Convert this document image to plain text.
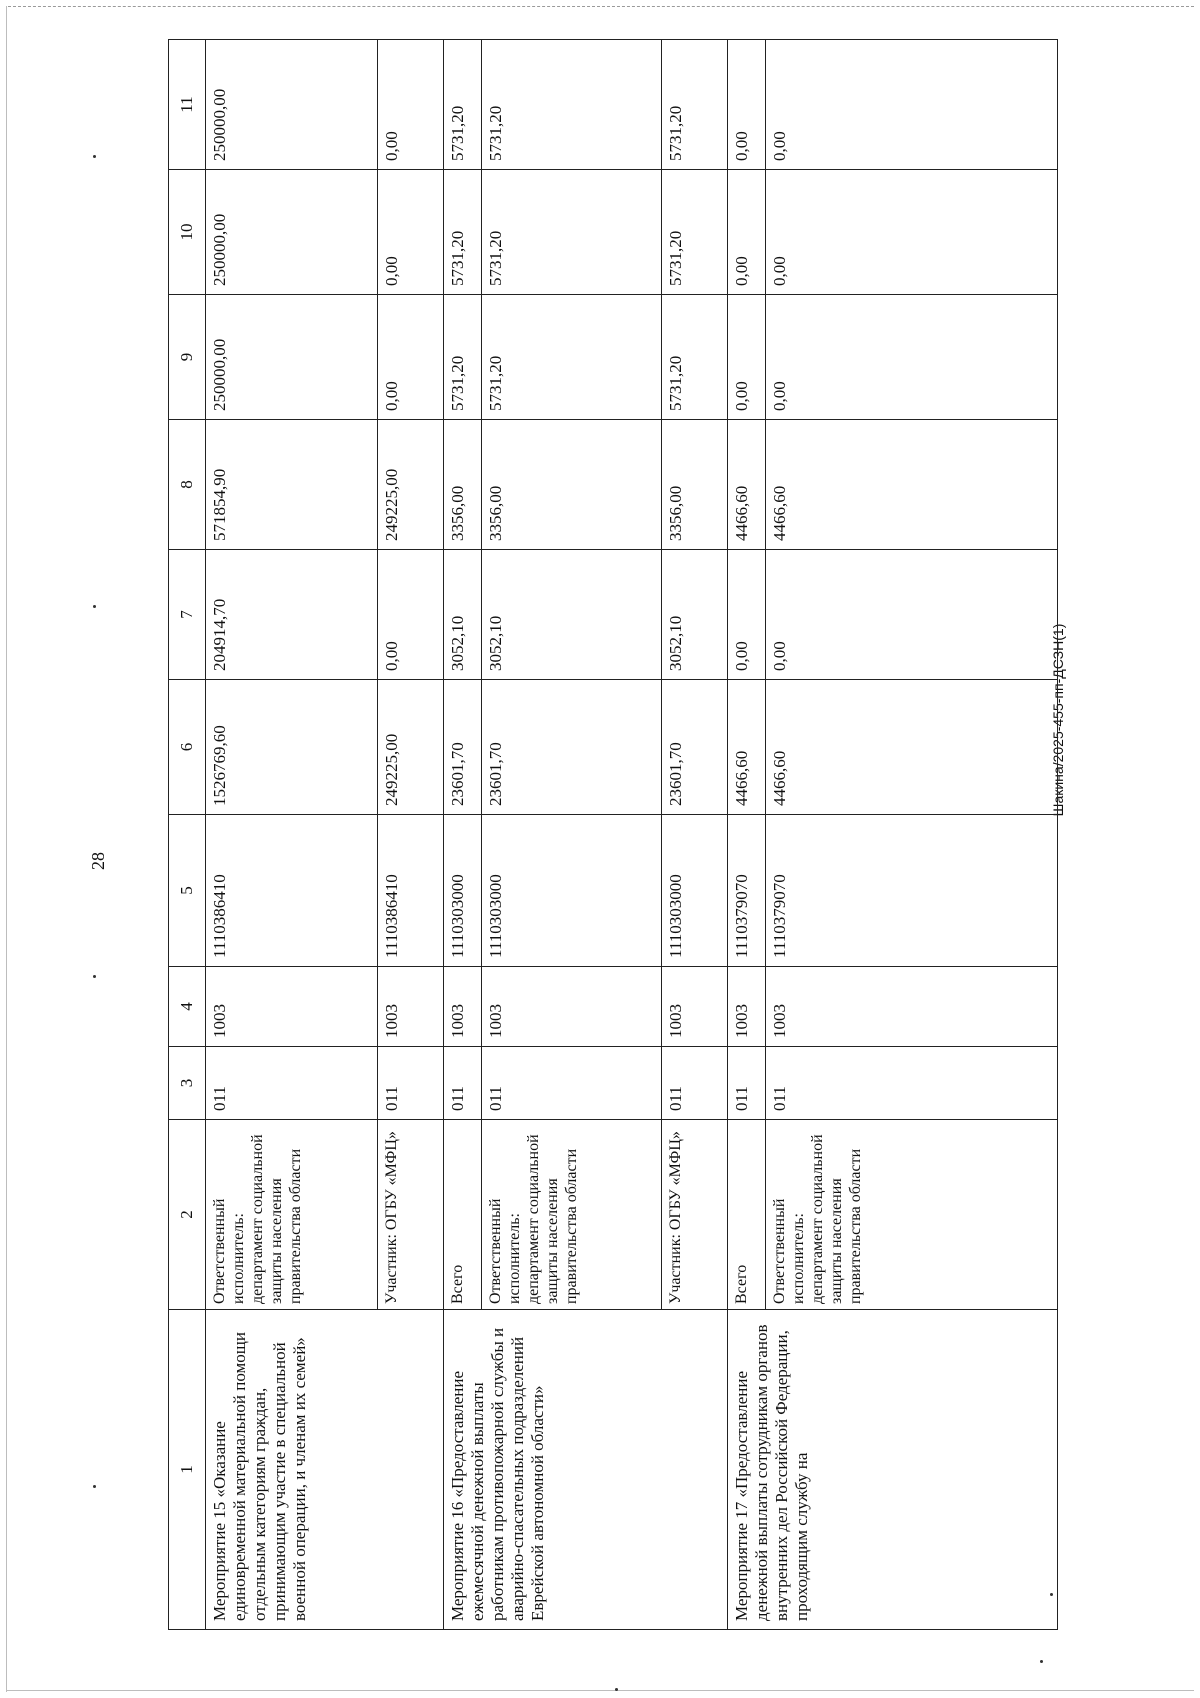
28
Шакина/2025-455-пп-ДСЗН(1)
1	2	3	4	5	6	7	8	9	10	11
Мероприятие 15 «Оказание единовременной материальной помощи отдельным категориям граждан, принимающим участие в специальной военной операции, и членам их семей»	Ответственный исполнитель: департамент социальной защиты населения правительства области	011	1003	1110386410	1526769,60	204914,70	571854,90	250000,00	250000,00	250000,00
	Участник: ОГБУ «МФЦ»	011	1003	1110386410	249225,00	0,00	249225,00	0,00	0,00	0,00
Мероприятие 16 «Предоставление ежемесячной денежной выплаты работникам противопожарной службы и аварийно-спасательных подразделений Еврейской автономной области»	Всего	011	1003	1110303000	23601,70	3052,10	3356,00	5731,20	5731,20	5731,20
	Ответственный исполнитель: департамент социальной защиты населения правительства области	011	1003	1110303000	23601,70	3052,10	3356,00	5731,20	5731,20	5731,20
	Участник: ОГБУ «МФЦ»	011	1003	1110303000	23601,70	3052,10	3356,00	5731,20	5731,20	5731,20
Мероприятие 17 «Предоставление денежной выплаты сотрудникам органов внутренних дел Российской Федерации, проходящим службу на	Всего	011	1003	1110379070	4466,60	0,00	4466,60	0,00	0,00	0,00
	Ответственный исполнитель: департамент социальной защиты населения правительства области	011	1003	1110379070	4466,60	0,00	4466,60	0,00	0,00	0,00
